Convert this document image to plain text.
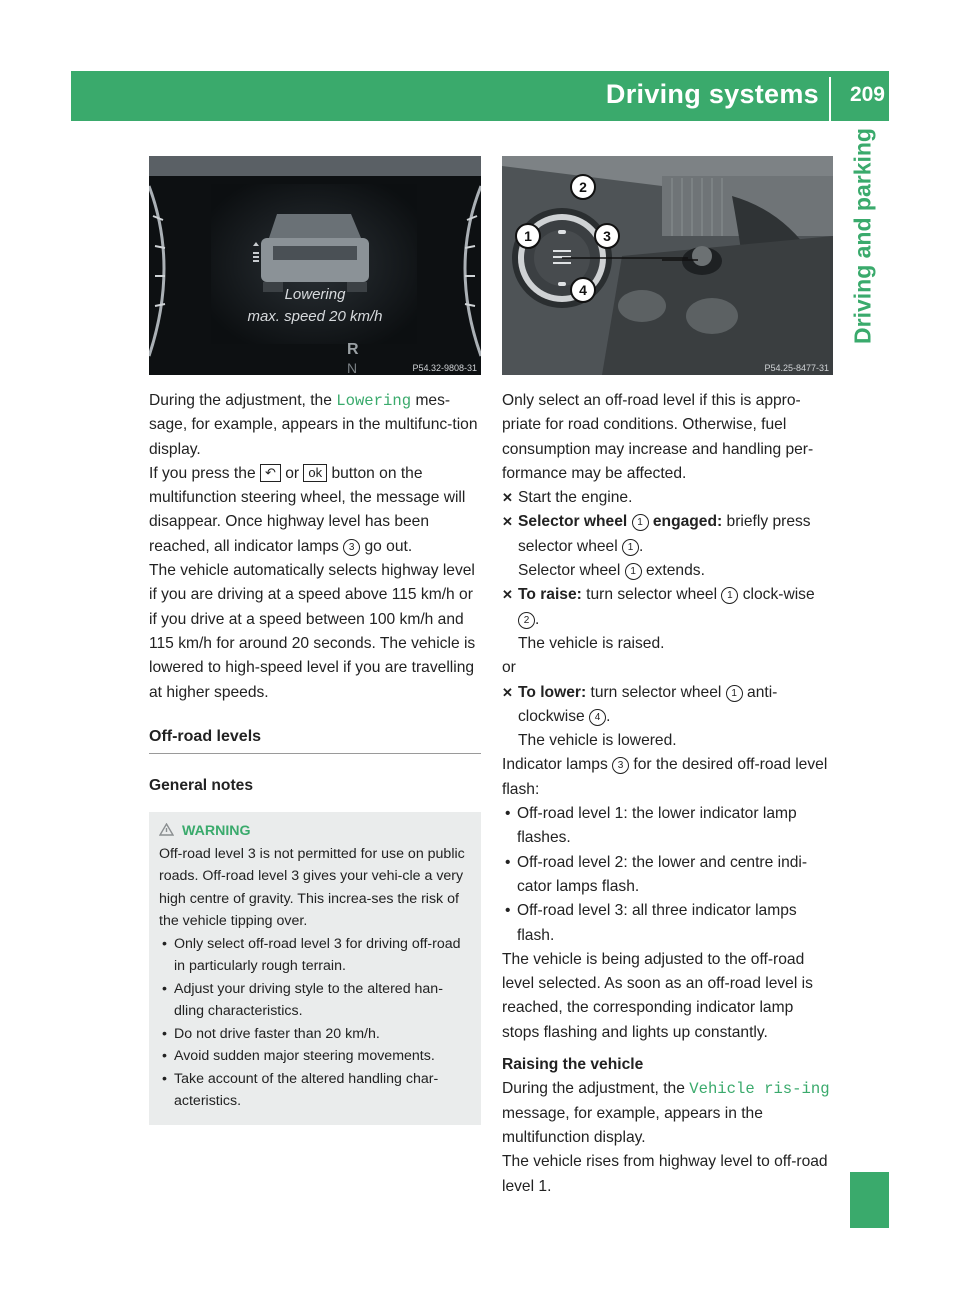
Driving systems 209
Driving and parking
Lowering
max. speed 20 km/h
R
N	P54.32-9808-31
1
2
3
4
P54.25-8477-31

During the adjustment, the Lowering mes-sage, for example, appears in the multifunc-tion display.

If you press the ↶ or ok button on the multifunction steering wheel, the message will disappear. Once highway level has been reached, all indicator lamps 3 go out.

The vehicle automatically selects highway level if you are driving at a speed above 115 km/h or if you drive at a speed between 100 km/h and 115 km/h for around 20 seconds. The vehicle is lowered to high-speed level if you are travelling at higher speeds.

Off-road levels
General notes
WARNING
Off-road level 3 is not permitted for use on public roads. Off-road level 3 gives your vehi-cle a very high centre of gravity. This increa-ses the risk of the vehicle tipping over.
• Only select off-road level 3 for driving off-road in particularly rough terrain.
• Adjust your driving style to the altered han-dling characteristics.
• Do not drive faster than 20 km/h.
• Avoid sudden major steering movements.
• Take account of the altered handling char-acteristics.

Only select an off-road level if this is appro-priate for road conditions. Otherwise, fuel consumption may increase and handling per-formance may be affected.

✕ Start the engine.
✕ Selector wheel 1 engaged: briefly press selector wheel 1 .
Selector wheel 1 extends.
✕ To raise: turn selector wheel 1 clock-wise 2 .
The vehicle is raised.

or

✕ To lower: turn selector wheel 1 anti-clockwise 4 .
The vehicle is lowered.

Indicator lamps 3 for the desired off-road level flash:

• Off-road level 1: the lower indicator lamp flashes.
• Off-road level 2: the lower and centre indi-cator lamps flash.
• Off-road level 3: all three indicator lamps flash.

The vehicle is being adjusted to the off-road level selected. As soon as an off-road level is reached, the corresponding indicator lamp stops flashing and lights up constantly.

Raising the vehicle

During the adjustment, the Vehicle ris-ing message, for example, appears in the multifunction display.

The vehicle rises from highway level to off-road level 1.
